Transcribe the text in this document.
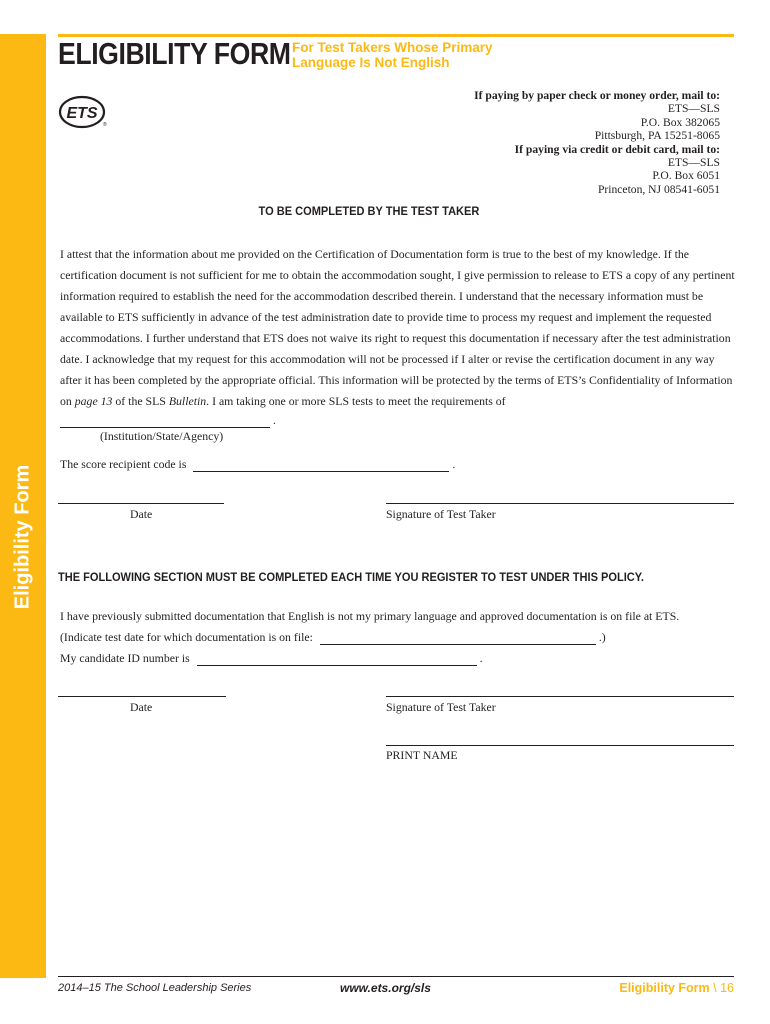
Eligibility Form
ELIGIBILITY FORM For Test Takers Whose Primary Language Is Not English

ETS
®
If paying by paper check or money order, mail to:
ETS—SLS
P.O. Box 382065
Pittsburgh, PA 15251-8065
If paying via credit or debit card, mail to:
ETS—SLS
P.O. Box 6051
Princeton, NJ 08541-6051
TO BE COMPLETED BY THE TEST TAKER

I attest that the information about me provided on the Certification of Documentation form is true to the best of my knowledge. If the certification document is not sufficient for me to obtain the accommodation sought, I give permission to release to ETS a copy of any pertinent information required to establish the need for the accommodation described therein. I understand that the necessary information must be available to ETS sufficiently in advance of the test administration date to provide time to process my request and implement the requested accommodations. I further understand that ETS does not waive its right to request this documentation if necessary after the test administration date. I acknowledge that my request for this accommodation will not be processed if I alter or revise the certification document in any way after it has been completed by the appropriate official. This information will be protected by the terms of ETS’s Confidentiality of Information on page 13 of the SLS Bulletin. I am taking one or more SLS tests to meet the requirements of

.
(Institution/State/Agency)
The score recipient code is	.
Date	Signature of Test Taker
THE FOLLOWING SECTION MUST BE COMPLETED EACH TIME YOU REGISTER TO TEST UNDER THIS POLICY.
I have previously submitted documentation that English is not my primary language and approved documentation is on file at ETS.
(Indicate test date for which documentation is on file:	.)
My candidate ID number is	.
Date	Signature of Test Taker
PRINT NAME
2014–15 The School Leadership Series	www.ets.org/sls	Eligibility Form \ 16
